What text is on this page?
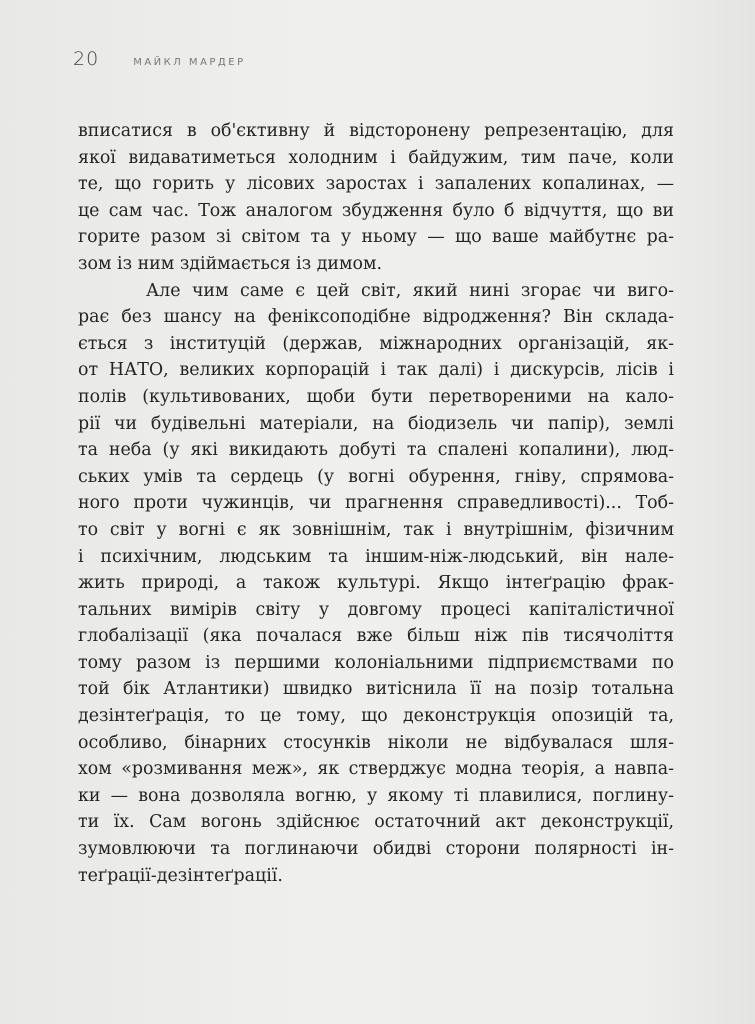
20	МАЙКЛ МАРДЕР
вписатися в об'єктивну й відсторонену репрезентацію, для
якої видаватиметься холодним і байдужим, тим паче, коли
те, що горить у лісових заростах і запалених копалинах, —
це сам час. Тож аналогом збудження було б відчуття, що ви
горите разом зі світом та у ньому — що ваше майбутнє ра-
зом із ним здіймається із димом.
Але чим саме є цей світ, який нині згорає чи виго-
рає без шансу на феніксоподібне відродження? Він склада-
ється з інституцій (держав, міжнародних організацій, як-
от НАТО, великих корпорацій і так далі) і дискурсів, лісів і
полів (культивованих, щоби бути перетвореними на кало-
рії чи будівельні матеріали, на біодизель чи папір), землі
та неба (у які викидають добуті та спалені копалини), люд-
ських умів та сердець (у вогні обурення, гніву, спрямова-
ного проти чужинців, чи прагнення справедливості)... Тоб-
то світ у вогні є як зовнішнім, так і внутрішнім, фізичним
і психічним, людським та іншим-ніж-людський, він нале-
жить природі, а також культурі. Якщо інтеґрацію фрак-
тальних вимірів світу у довгому процесі капіталістичної
глобалізації (яка почалася вже більш ніж пів тисячоліття
тому разом із першими колоніальними підприємствами по
той бік Атлантики) швидко витіснила її на позір тотальна
дезінтеґрація, то це тому, що деконструкція опозицій та,
особливо, бінарних стосунків ніколи не відбувалася шля-
хом «розмивання меж», як стверджує модна теорія, а навпа-
ки — вона дозволяла вогню, у якому ті плавилися, поглину-
ти їх. Сам вогонь здійснює остаточний акт деконструкції,
зумовлюючи та поглинаючи обидві сторони полярності ін-
теґрації-дезінтеґрації.
